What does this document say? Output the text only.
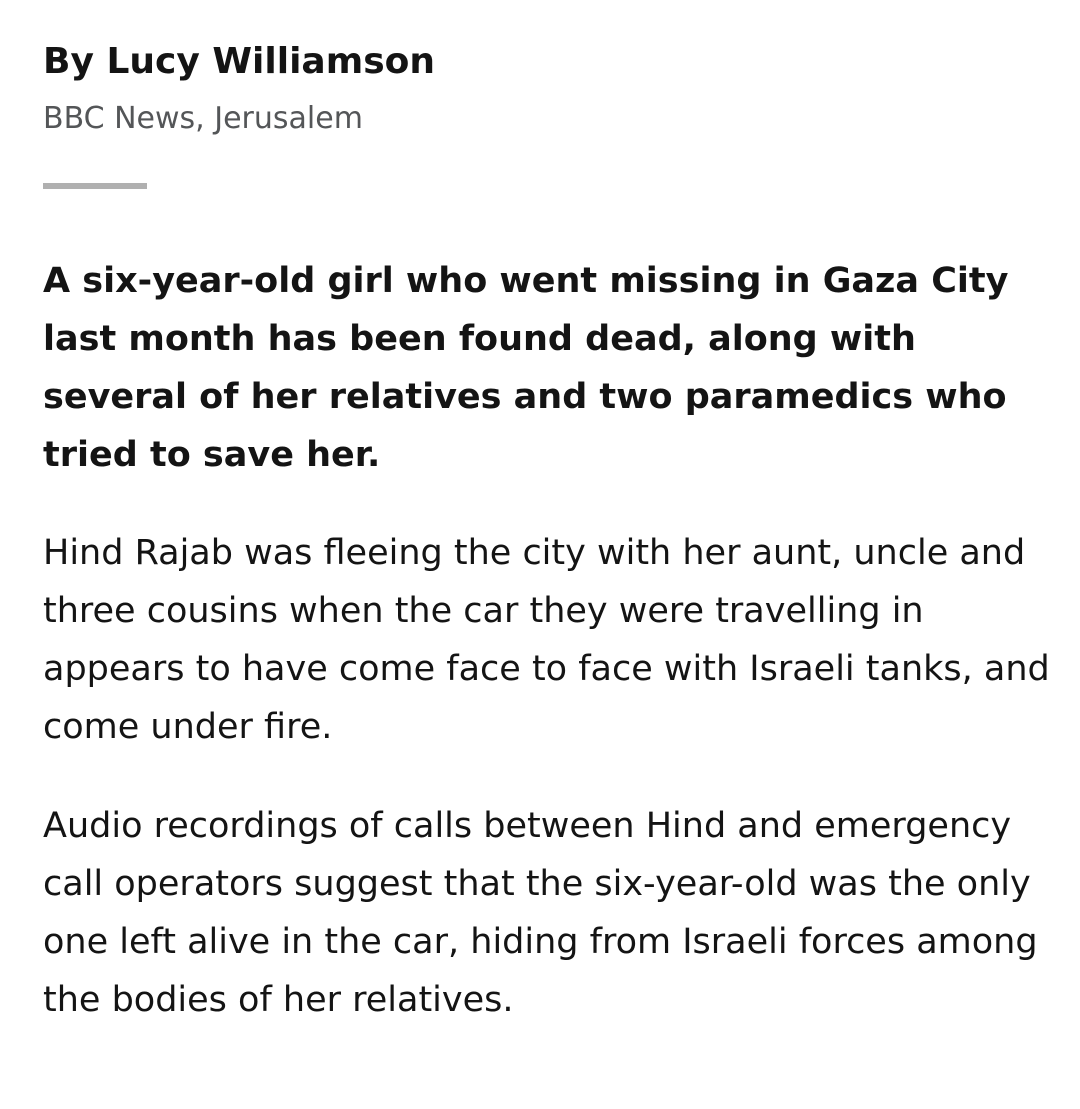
By Lucy Williamson

BBC News, Jerusalem

A six-year-old girl who went missing in Gaza City last month has been found dead, along with several of her relatives and two paramedics who tried to save her.

Hind Rajab was fleeing the city with her aunt, uncle and three cousins when the car they were travelling in appears to have come face to face with Israeli tanks, and come under fire.

Audio recordings of calls between Hind and emergency call operators suggest that the six-year-old was the only one left alive in the car, hiding from Israeli forces among the bodies of her relatives.
